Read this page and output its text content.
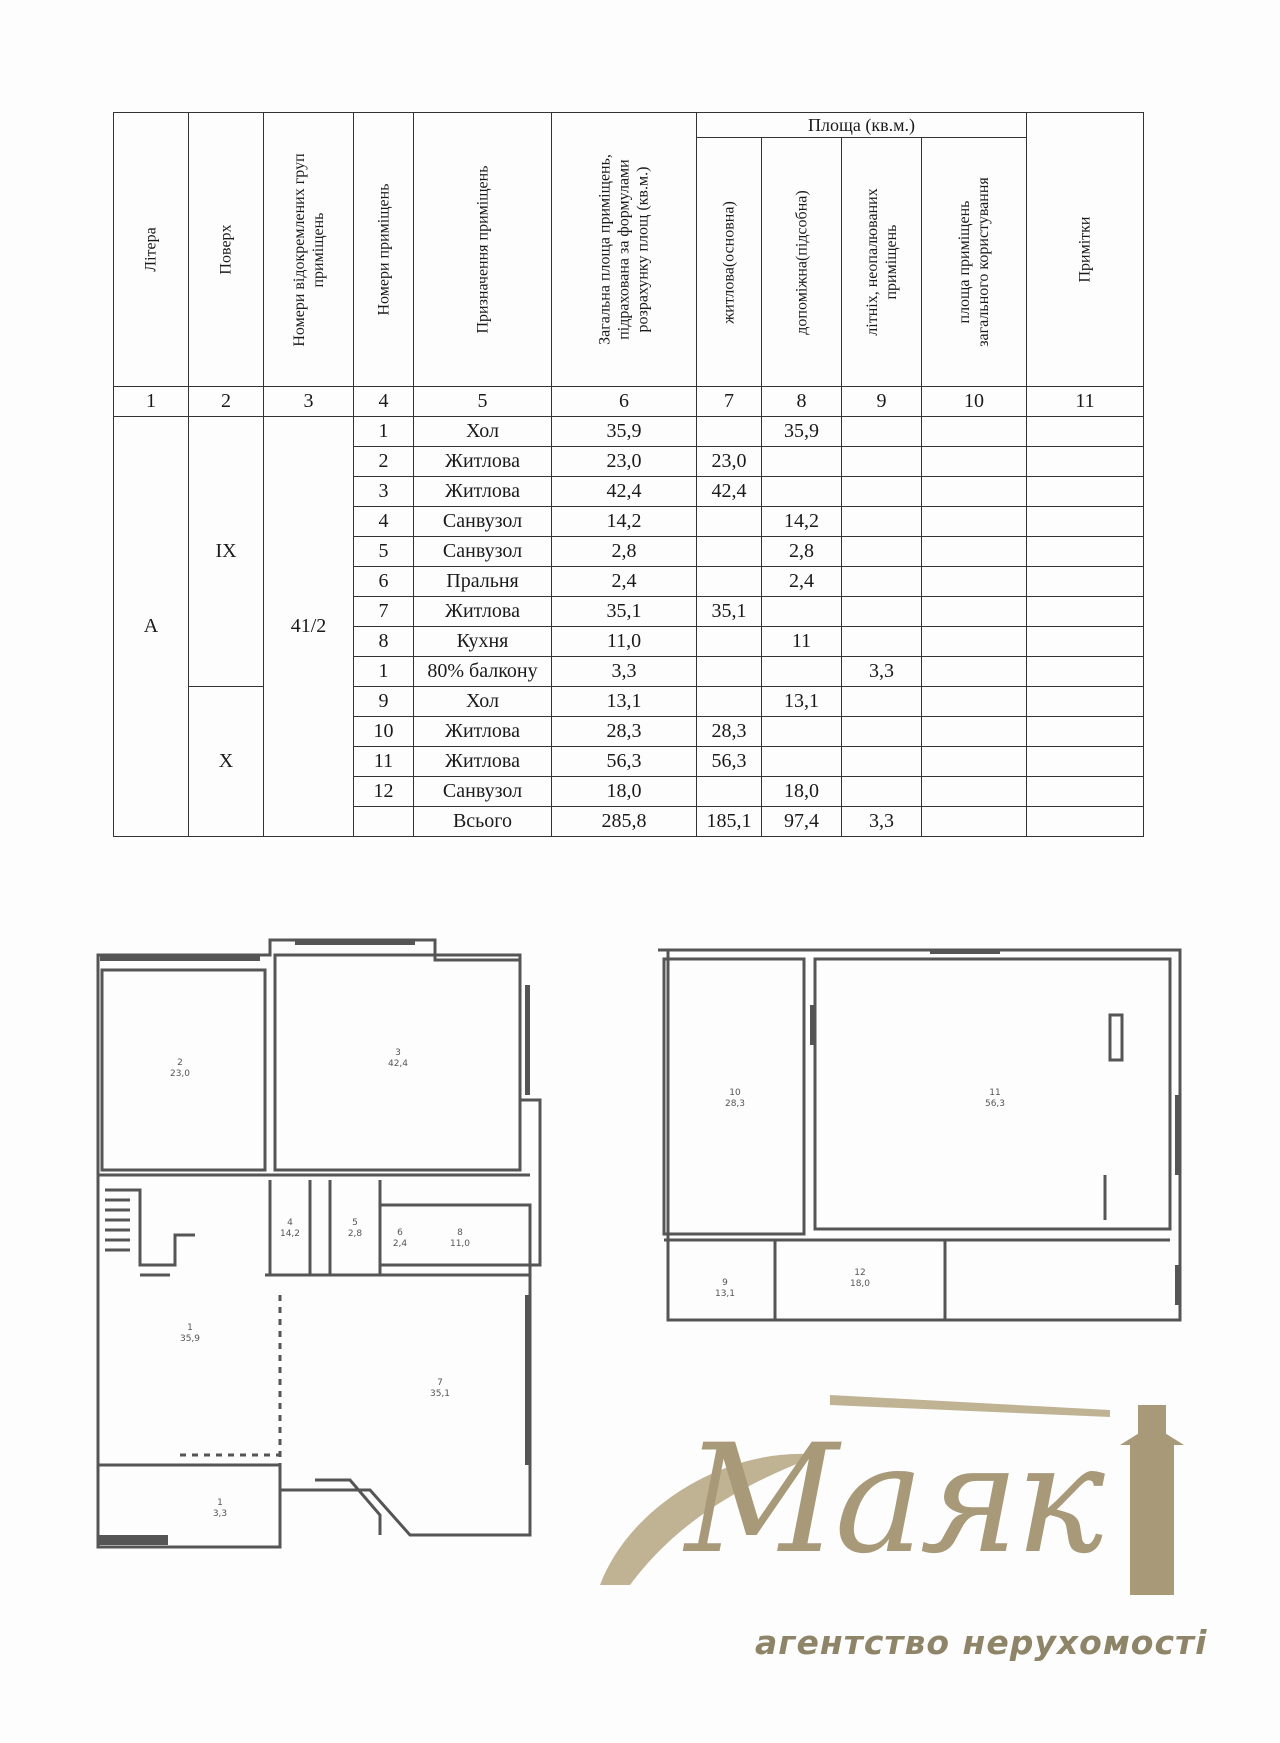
Літера	Поверх	Номери відокремлених груп приміщень	Номери приміщень	Призначення приміщень	Загальна площа приміщень, підрахована за формулами розрахунку площ (кв.м.)	Площа (кв.м.)				Примітки

						житлова(основна)	допоміжна(підсобна)	літніх, неопалюваних приміщень	площа приміщень загального користування	

1	2	3	4	5	6	7	8	9	10	11
А	IX	41/2	1	Хол	35,9		35,9			
			2	Житлова	23,0	23,0				
			3	Житлова	42,4	42,4				
			4	Санвузол	14,2		14,2			
			5	Санвузол	2,8		2,8			
			6	Пральня	2,4		2,4			
			7	Житлова	35,1	35,1				
			8	Кухня	11,0		11			
			1	80% балкону	3,3			3,3		
	X		9	Хол	13,1		13,1			
			10	Житлова	28,3	28,3				
			11	Житлова	56,3	56,3				
			12	Санвузол	18,0		18,0			
				Всього	285,8	185,1	97,4	3,3		
2
23,0
3
42,4
1
35,9
4
14,2
5
2,8	6
2,4
7
35,1
8
11,0
1
3,3
10
28,3
11
56,3
9
13,1
12
18,0
Маяк
агентство нерухомості
